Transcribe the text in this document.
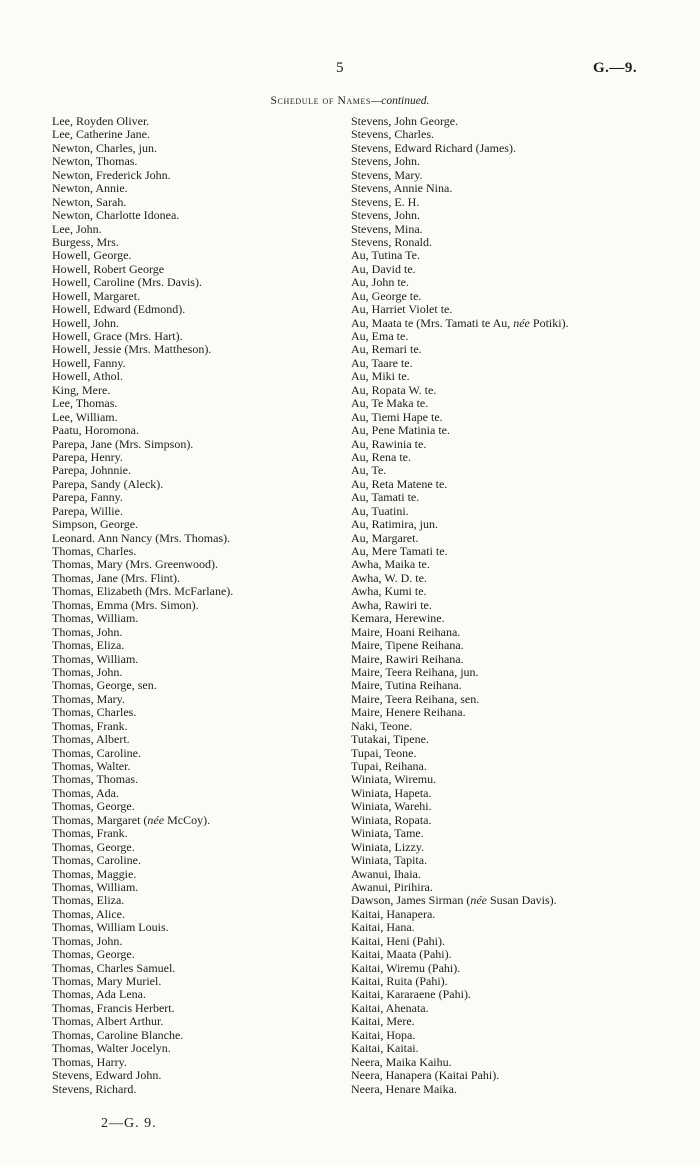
5	G.—9.
Schedule of Names—continued.
Lee, Royden Oliver.
Lee, Catherine Jane.
Newton, Charles, jun.
Newton, Thomas.
Newton, Frederick John.
Newton, Annie.
Newton, Sarah.
Newton, Charlotte Idonea.
Lee, John.
Burgess, Mrs.
Howell, George.
Howell, Robert George
Howell, Caroline (Mrs. Davis).
Howell, Margaret.
Howell, Edward (Edmond).
Howell, John.
Howell, Grace (Mrs. Hart).
Howell, Jessie (Mrs. Mattheson).
Howell, Fanny.
Howell, Athol.
King, Mere.
Lee, Thomas.
Lee, William.
Paatu, Horomona.
Parepa, Jane (Mrs. Simpson).
Parepa, Henry.
Parepa, Johnnie.
Parepa, Sandy (Aleck).
Parepa, Fanny.
Parepa, Willie.
Simpson, George.
Leonard. Ann Nancy (Mrs. Thomas).
Thomas, Charles.
Thomas, Mary (Mrs. Greenwood).
Thomas, Jane (Mrs. Flint).
Thomas, Elizabeth (Mrs. McFarlane).
Thomas, Emma (Mrs. Simon).
Thomas, William.
Thomas, John.
Thomas, Eliza.
Thomas, William.
Thomas, John.
Thomas, George, sen.
Thomas, Mary.
Thomas, Charles.
Thomas, Frank.
Thomas, Albert.
Thomas, Caroline.
Thomas, Walter.
Thomas, Thomas.
Thomas, Ada.
Thomas, George.
Thomas, Margaret (née McCoy).
Thomas, Frank.
Thomas, George.
Thomas, Caroline.
Thomas, Maggie.
Thomas, William.
Thomas, Eliza.
Thomas, Alice.
Thomas, William Louis.
Thomas, John.
Thomas, George.
Thomas, Charles Samuel.
Thomas, Mary Muriel.
Thomas, Ada Lena.
Thomas, Francis Herbert.
Thomas, Albert Arthur.
Thomas, Caroline Blanche.
Thomas, Walter Jocelyn.
Thomas, Harry.
Stevens, Edward John.
Stevens, Richard.
Stevens, John George.
Stevens, Charles.
Stevens, Edward Richard (James).
Stevens, John.
Stevens, Mary.
Stevens, Annie Nina.
Stevens, E. H.
Stevens, John.
Stevens, Mina.
Stevens, Ronald.
Au, Tutina Te.
Au, David te.
Au, John te.
Au, George te.
Au, Harriet Violet te.
Au, Maata te (Mrs. Tamati te Au, née Potiki).
Au, Ema te.
Au, Remari te.
Au, Taare te.
Au, Miki te.
Au, Ropata W. te.
Au, Te Maka te.
Au, Tiemi Hape te.
Au, Pene Matinia te.
Au, Rawinia te.
Au, Rena te.
Au, Te.
Au, Reta Matene te.
Au, Tamati te.
Au, Tuatini.
Au, Ratimira, jun.
Au, Margaret.
Au, Mere Tamati te.
Awha, Maika te.
Awha, W. D. te.
Awha, Kumi te.
Awha, Rawiri te.
Kemara, Herewine.
Maire, Hoani Reihana.
Maire, Tipene Reihana.
Maire, Rawiri Reihana.
Maire, Teera Reihana, jun.
Maire, Tutina Reihana.
Maire, Teera Reihana, sen.
Maire, Henere Reihana.
Naki, Teone.
Tutakai, Tipene.
Tupai, Teone.
Tupai, Reihana.
Winiata, Wiremu.
Winiata, Hapeta.
Winiata, Warehi.
Winiata, Ropata.
Winiata, Tame.
Winiata, Lizzy.
Winiata, Tapita.
Awanui, Ihaia.
Awanui, Pirihira.
Dawson, James Sirman (née Susan Davis).
Kaitai, Hanapera.
Kaitai, Hana.
Kaitai, Heni (Pahi).
Kaitai, Maata (Pahi).
Kaitai, Wiremu (Pahi).
Kaitai, Ruita (Pahi).
Kaitai, Kararaene (Pahi).
Kaitai, Ahenata.
Kaitai, Mere.
Kaitai, Hopa.
Kaitai, Kaitai.
Neera, Maika Kaihu.
Neera, Hanapera (Kaitai Pahi).
Neera, Henare Maika.
2—G. 9.
